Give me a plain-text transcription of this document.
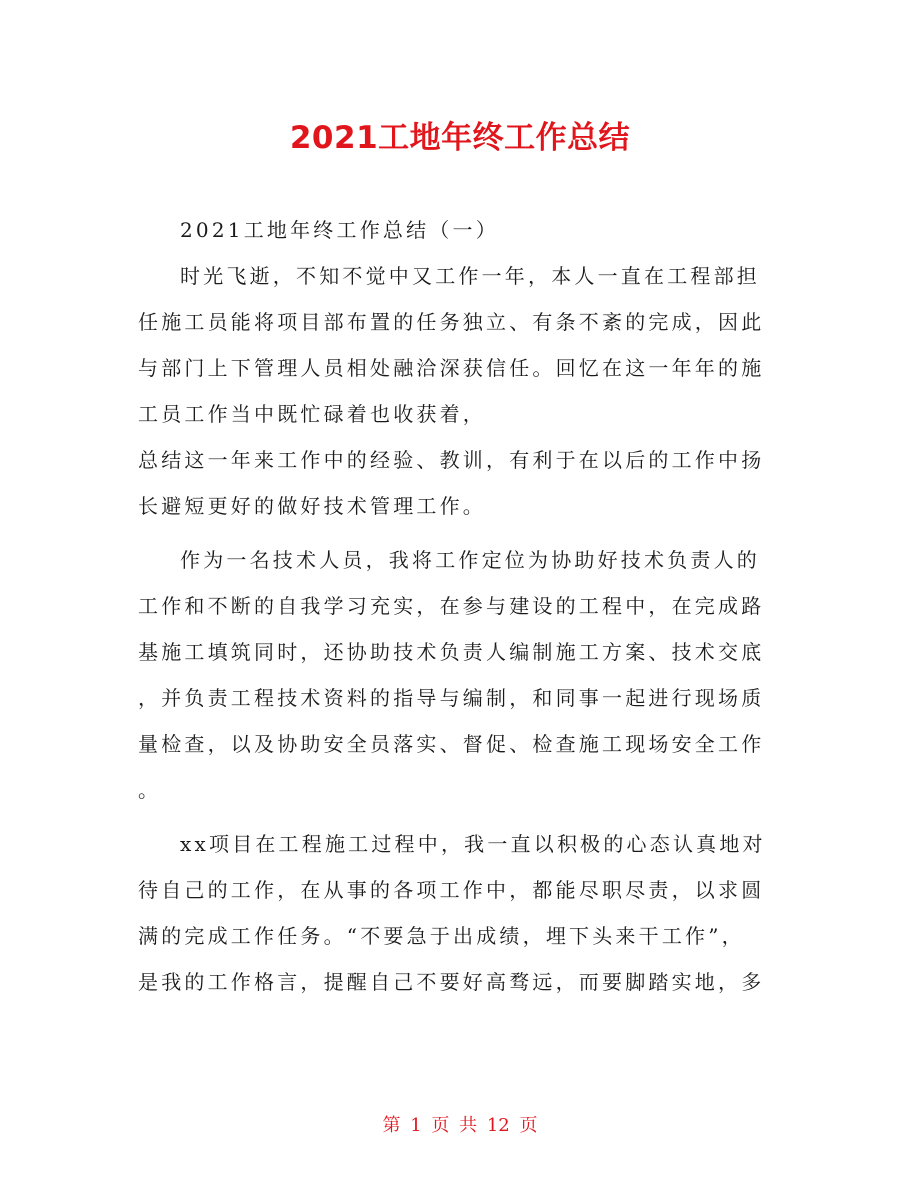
2021工地年终工作总结
2021工地年终工作总结（一）
时光飞逝，不知不觉中又工作一年，本人一直在工程部担
任施工员能将项目部布置的任务独立、有条不紊的完成，因此
与部门上下管理人员相处融洽深获信任。回忆在这一年年的施
工员工作当中既忙碌着也收获着，
总结这一年来工作中的经验、教训，有利于在以后的工作中扬
长避短更好的做好技术管理工作。
作为一名技术人员，我将工作定位为协助好技术负责人的
工作和不断的自我学习充实，在参与建设的工程中，在完成路
基施工填筑同时，还协助技术负责人编制施工方案、技术交底
，并负责工程技术资料的指导与编制，和同事一起进行现场质
量检查，以及协助安全员落实、督促、检查施工现场安全工作
。
xx项目在工程施工过程中，我一直以积极的心态认真地对
待自己的工作，在从事的各项工作中，都能尽职尽责，以求圆
满的完成工作任务。“不要急于出成绩，埋下头来干工作”，
是我的工作格言，提醒自己不要好高骛远，而要脚踏实地，多
第 1 页 共 12 页
